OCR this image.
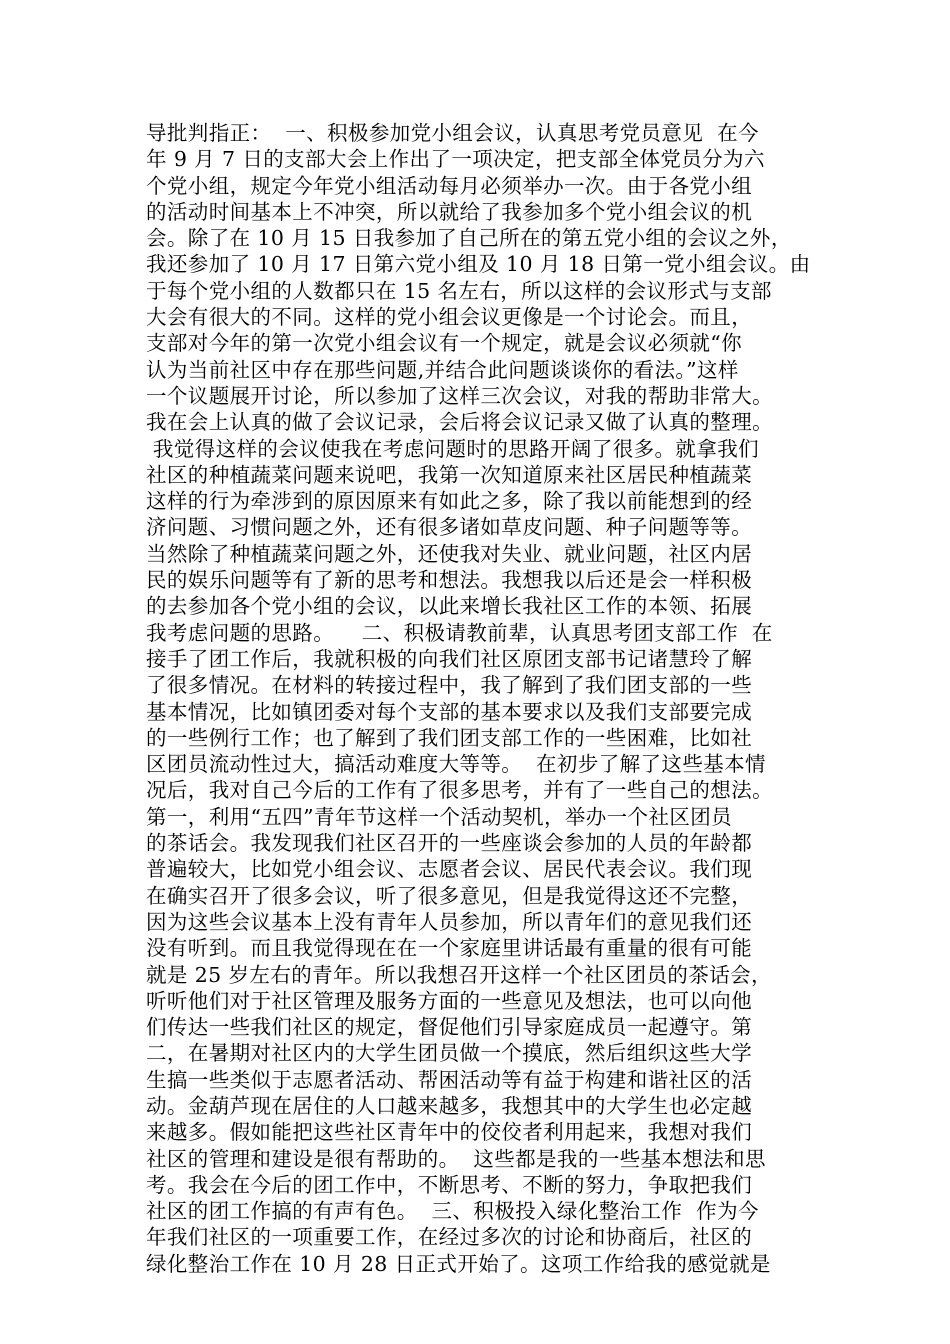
导批判指正：  一、积极参加党小组会议，认真思考党员意见  在今
年 9 月 7 日的支部大会上作出了一项决定，把支部全体党员分为六
个党小组，规定今年党小组活动每月必须举办一次。由于各党小组
的活动时间基本上不冲突，所以就给了我参加多个党小组会议的机
会。除了在 10 月 15 日我参加了自己所在的第五党小组的会议之外，
我还参加了 10 月 17 日第六党小组及 10 月 18 日第一党小组会议。由
于每个党小组的人数都只在 15 名左右，所以这样的会议形式与支部
大会有很大的不同。这样的党小组会议更像是一个讨论会。而且，
支部对今年的第一次党小组会议有一个规定，就是会议必须就“你
认为当前社区中存在那些问题,并结合此问题谈谈你的看法。”这样
一个议题展开讨论，所以参加了这样三次会议，对我的帮助非常大。
我在会上认真的做了会议记录，会后将会议记录又做了认真的整理。
我觉得这样的会议使我在考虑问题时的思路开阔了很多。就拿我们
社区的种植蔬菜问题来说吧，我第一次知道原来社区居民种植蔬菜
这样的行为牵涉到的原因原来有如此之多，除了我以前能想到的经
济问题、习惯问题之外，还有很多诸如草皮问题、种子问题等等。
当然除了种植蔬菜问题之外，还使我对失业、就业问题，社区内居
民的娱乐问题等有了新的思考和想法。我想我以后还是会一样积极
的去参加各个党小组的会议，以此来增长我社区工作的本领、拓展
我考虑问题的思路。    二、积极请教前辈，认真思考团支部工作  在
接手了团工作后，我就积极的向我们社区原团支部书记诸慧玲了解
了很多情况。在材料的转接过程中，我了解到了我们团支部的一些
基本情况，比如镇团委对每个支部的基本要求以及我们支部要完成
的一些例行工作；也了解到了我们团支部工作的一些困难，比如社
区团员流动性过大，搞活动难度大等等。  在初步了解了这些基本情
况后，我对自己今后的工作有了很多思考，并有了一些自己的想法。
第一，利用“五四”青年节这样一个活动契机，举办一个社区团员
的茶话会。我发现我们社区召开的一些座谈会参加的人员的年龄都
普遍较大，比如党小组会议、志愿者会议、居民代表会议。我们现
在确实召开了很多会议，听了很多意见，但是我觉得这还不完整，
因为这些会议基本上没有青年人员参加，所以青年们的意见我们还
没有听到。而且我觉得现在在一个家庭里讲话最有重量的很有可能
就是 25 岁左右的青年。所以我想召开这样一个社区团员的茶话会，
听听他们对于社区管理及服务方面的一些意见及想法，也可以向他
们传达一些我们社区的规定，督促他们引导家庭成员一起遵守。第
二，在暑期对社区内的大学生团员做一个摸底，然后组织这些大学
生搞一些类似于志愿者活动、帮困活动等有益于构建和谐社区的活
动。金葫芦现在居住的人口越来越多，我想其中的大学生也必定越
来越多。假如能把这些社区青年中的佼佼者利用起来，我想对我们
社区的管理和建设是很有帮助的。  这些都是我的一些基本想法和思
考。我会在今后的团工作中，不断思考、不断的努力，争取把我们
社区的团工作搞的有声有色。  三、积极投入绿化整治工作  作为今
年我们社区的一项重要工作，在经过多次的讨论和协商后，社区的
绿化整治工作在 10 月 28 日正式开始了。这项工作给我的感觉就是
